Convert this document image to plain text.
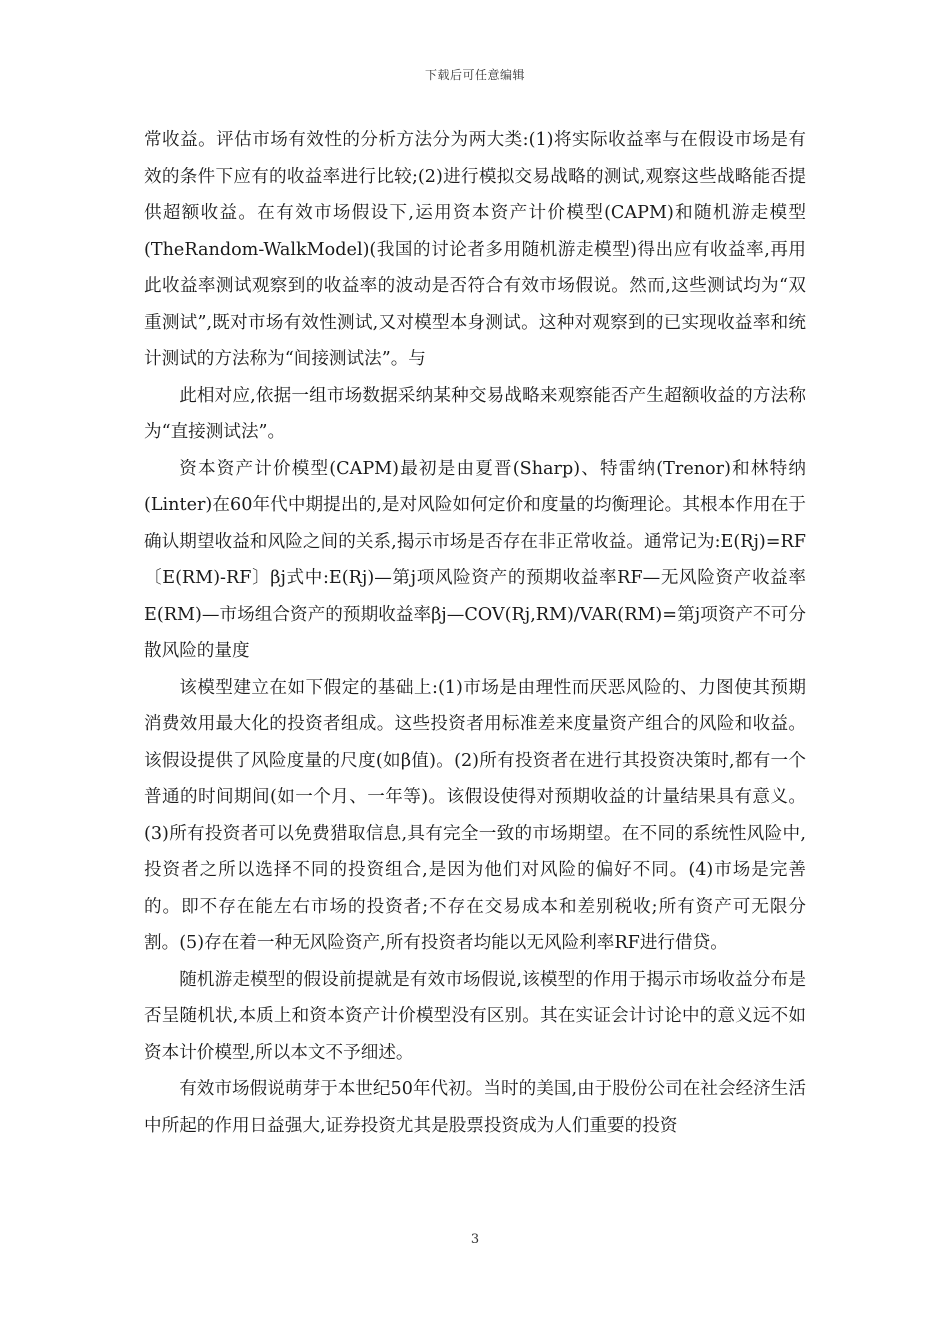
下载后可任意编辑

常收益。评估市场有效性的分析方法分为两大类:(1)将实际收益率与在假设市场是有效的条件下应有的收益率进行比较;(2)进行模拟交易战略的测试,观察这些战略能否提供超额收益。在有效市场假设下,运用资本资产计价模型(CAPM)和随机游走模型(TheRandom-WalkModel)(我国的讨论者多用随机游走模型)得出应有收益率,再用此收益率测试观察到的收益率的波动是否符合有效市场假说。然而,这些测试均为“双重测试”,既对市场有效性测试,又对模型本身测试。这种对观察到的已实现收益率和统计测试的方法称为“间接测试法”。与

此相对应,依据一组市场数据采纳某种交易战略来观察能否产生超额收益的方法称为“直接测试法”。

资本资产计价模型(CAPM)最初是由夏晋(Sharp)、特雷纳(Trenor)和林特纳(Linter)在60年代中期提出的,是对风险如何定价和度量的均衡理论。其根本作用在于确认期望收益和风险之间的关系,揭示市场是否存在非正常收益。通常记为:E(Rj)=RF〔E(RM)-RF〕βj式中:E(Rj)—第j项风险资产的预期收益率RF—无风险资产收益率E(RM)—市场组合资产的预期收益率βj—COV(Rj,RM)/VAR(RM)=第j项资产不可分散风险的量度

该模型建立在如下假定的基础上:(1)市场是由理性而厌恶风险的、力图使其预期消费效用最大化的投资者组成。这些投资者用标准差来度量资产组合的风险和收益。该假设提供了风险度量的尺度(如β值)。(2)所有投资者在进行其投资决策时,都有一个普通的时间期间(如一个月、一年等)。该假设使得对预期收益的计量结果具有意义。(3)所有投资者可以免费猎取信息,具有完全一致的市场期望。在不同的系统性风险中,投资者之所以选择不同的投资组合,是因为他们对风险的偏好不同。(4)市场是完善的。即不存在能左右市场的投资者;不存在交易成本和差别税收;所有资产可无限分割。(5)存在着一种无风险资产,所有投资者均能以无风险利率RF进行借贷。

随机游走模型的假设前提就是有效市场假说,该模型的作用于揭示市场收益分布是否呈随机状,本质上和资本资产计价模型没有区别。其在实证会计讨论中的意义远不如资本计价模型,所以本文不予细述。

有效市场假说萌芽于本世纪50年代初。当时的美国,由于股份公司在社会经济生活中所起的作用日益强大,证券投资尤其是股票投资成为人们重要的投资

3
